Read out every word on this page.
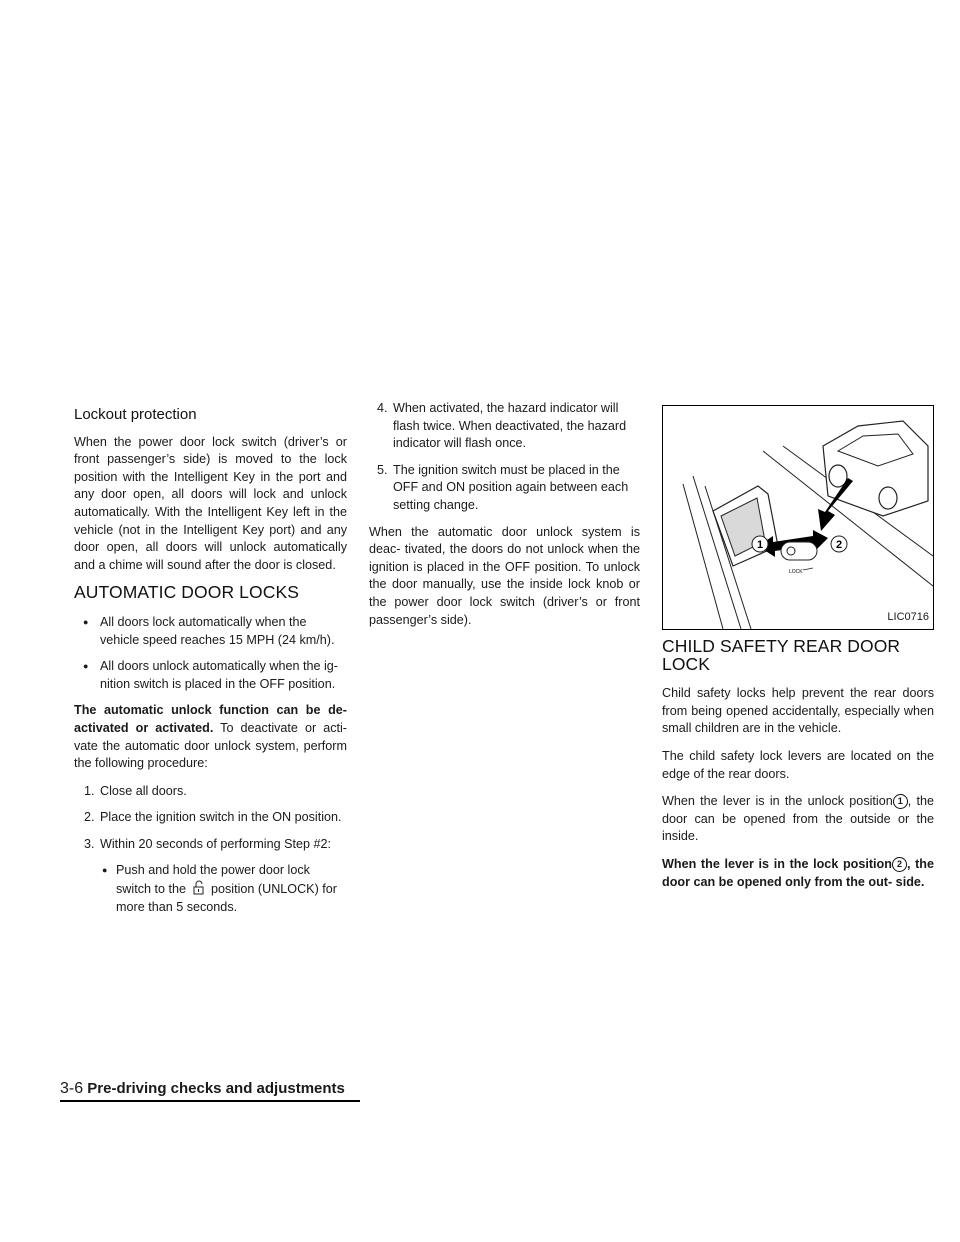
Lockout protection

When the power door lock switch (driver’s or front passenger’s side) is moved to the lock position with the Intelligent Key in the port and any door open, all doors will lock and unlock automatically. With the Intelligent Key left in the vehicle (not in the Intelligent Key port) and any door open, all doors will unlock automatically and a chime will sound after the door is closed.

AUTOMATIC DOOR LOCKS
● All doors lock automatically when the vehicle speed reaches 15 MPH (24 km/h).
● All doors unlock automatically when the ig- nition switch is placed in the OFF position.

The automatic unlock function can be de- activated or activated. To deactivate or acti- vate the automatic door unlock system, perform the following procedure:

1. Close all doors.
2. Place the ignition switch in the ON position.
3. Within 20 seconds of performing Step #2:
● Push and hold the power door lock switch to the position (UNLOCK) for more than 5 seconds.
4. When activated, the hazard indicator will flash twice. When deactivated, the hazard indicator will flash once.
5. The ignition switch must be placed in the OFF and ON position again between each setting change.

When the automatic door unlock system is deac- tivated, the doors do not unlock when the ignition is placed in the OFF position. To unlock the door manually, use the inside lock knob or the power door lock switch (driver’s or front passenger’s side).

1	2
LOCK
LIC0716
CHILD SAFETY REAR DOOR LOCK

Child safety locks help prevent the rear doors from being opened accidentally, especially when small children are in the vehicle.

The child safety lock levers are located on the edge of the rear doors.

When the lever is in the unlock position 1 , the door can be opened from the outside or the inside.

When the lever is in the lock position 2 , the door can be opened only from the out- side.

3-6 Pre-driving checks and adjustments
